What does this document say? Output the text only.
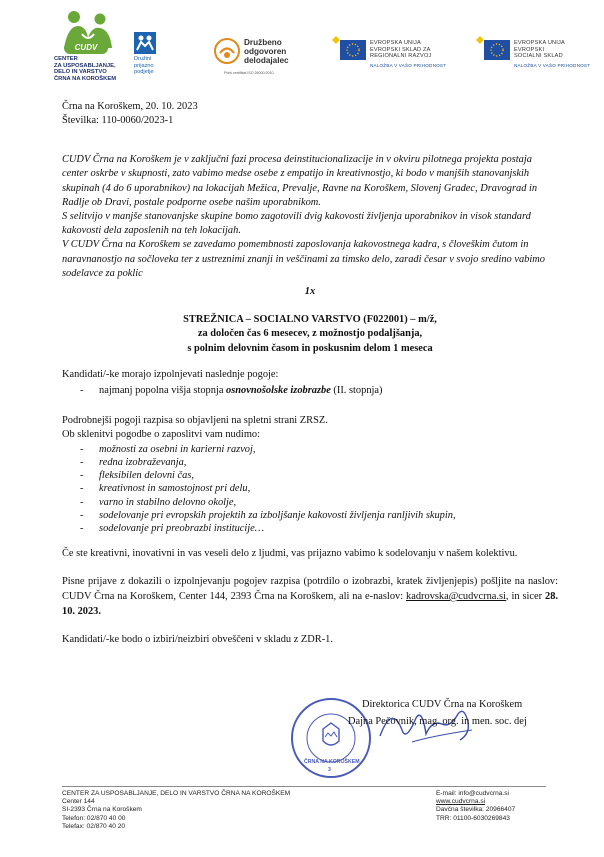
CUDV
CENTER
ZA USPOSABLJANJE,
DELO IN VARSTVO
ČRNA NA KOROŠKEM
Družini
prijazno
podjetje
Družbeno
odgovoren
delodajalec
Polni certifikat ISO 26000:2010
EVROPSKA UNIJA
EVROPSKI SKLAD ZA
REGIONALNI RAZVOJ
NALOŽBA V VAŠO PRIHODNOST
EVROPSKA UNIJA
EVROPSKI
SOCIALNI SKLAD
NALOŽBA V VAŠO PRIHODNOST

Črna na Koroškem, 20. 10. 2023

Številka: 110-0060/2023-1

CUDV Črna na Koroškem je v zaključni fazi procesa deinstitucionalizacije in v okviru pilotnega projekta postaja center oskrbe v skupnosti, zato vabimo medse osebe z empatijo in kreativnostjo, ki bodo v manjših stanovanjskih skupinah (4 do 6 uporabnikov) na lokacijah Mežica, Prevalje, Ravne na Koroškem, Slovenj Gradec, Dravograd in Radlje ob Dravi, postale podporne osebe našim uporabnikom.

S selitvijo v manjše stanovanjske skupine bomo zagotovili dvig kakovosti življenja uporabnikov in visok standard kakovosti dela zaposlenih na teh lokacijah.

V CUDV Črna na Koroškem se zavedamo pomembnosti zaposlovanja kakovostnega kadra, s človeškim čutom in naravnanostjo na sočloveka ter z ustreznimi znanji in veščinami za timsko delo, zaradi česar v svojo sredino vabimo sodelavce za poklic

1x

STREŽNICA – SOCIALNO VARSTVO (F022001) – m/ž,

za določen čas 6 mesecev, z možnostjo podaljšanja,

s polnim delovnim časom in poskusnim delom 1 meseca

Kandidati/-ke morajo izpolnjevati naslednje pogoje:

-      najmanj popolna višja stopnja osnovnošolske izobrazbe (II. stopnja)

Podrobnejši pogoji razpisa so objavljeni na spletni strani ZRSZ.

Ob sklenitvi pogodbe o zaposlitvi vam nudimo:

-      možnosti za osebni in karierni razvoj,
-      redna izobraževanja,
-      fleksibilen delovni čas,
-      kreativnost in samostojnost pri delu,
-      varno in stabilno delovno okolje,
-      sodelovanje pri evropskih projektih za izboljšanje kakovosti življenja ranljivih skupin,
-      sodelovanje pri preobrazbi institucije…

Če ste kreativni, inovativni in vas veseli delo z ljudmi, vas prijazno vabimo k sodelovanju v našem kolektivu.

Pisne prijave z dokazili o izpolnjevanju pogojev razpisa (potrdilo o izobrazbi, kratek življenjepis) pošljite na naslov: CUDV Črna na Koroškem, Center 144, 2393 Črna na Koroškem, ali na e-naslov: kadrovska@cudvcrna.si, in sicer 28. 10. 2023.

Kandidati/-ke bodo o izbiri/neizbiri obveščeni v skladu z ZDR-1.

ČRNA NA KOROŠKEM
3

Direktorica CUDV Črna na Koroškem

Dajna Pečovnik, mag. org. in men. soc. dej

CENTER ZA USPOSABLJANJE, DELO IN VARSTVO ČRNA NA KOROŠKEM
Center 144
SI-2393 Črna na Koroškem
Telefon: 02/870 40 00
Telefax: 02/870 40 20
E-mail: info@cudvcrna.si
www.cudvcrna.si
Davčna številka: 20966407
TRR: 01100-6030269843
